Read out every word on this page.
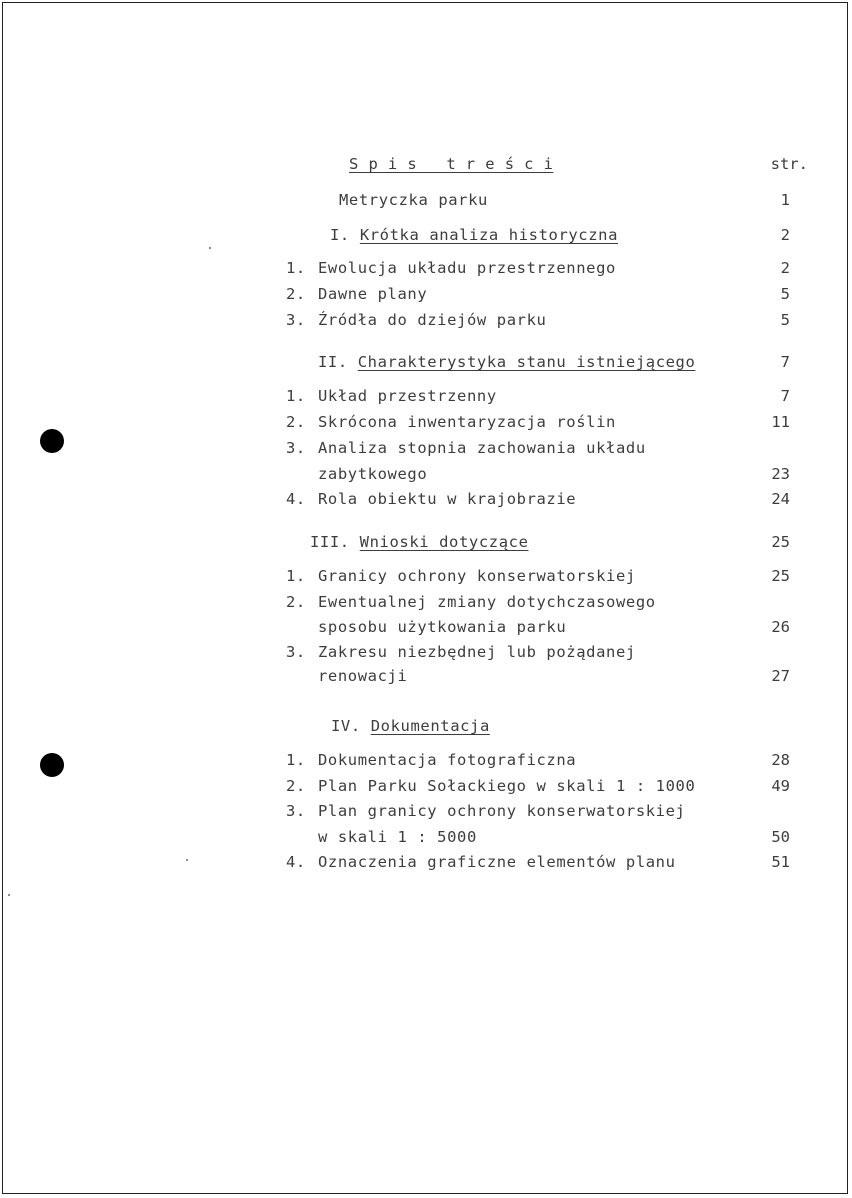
S p i s   t r e ś c i	str.
Metryczka parku	1
I. Krótka analiza historyczna	2
1. Ewolucja układu przestrzennego	2
2. Dawne plany	5
3. Źródła do dziejów parku	5
II. Charakterystyka stanu istniejącego	7
1. Układ przestrzenny	7
2. Skrócona inwentaryzacja roślin	11
3. Analiza stopnia zachowania układu
zabytkowego	23
4. Rola obiektu w krajobrazie	24
III. Wnioski dotyczące	25
1. Granicy ochrony konserwatorskiej	25
2. Ewentualnej zmiany dotychczasowego
sposobu użytkowania parku	26
3. Zakresu niezbędnej lub pożądanej
renowacji	27
IV. Dokumentacja
1. Dokumentacja fotograficzna	28
2. Plan Parku Sołackiego w skali 1 : 1000	49
3. Plan granicy ochrony konserwatorskiej
w skali 1 : 5000	50
4. Oznaczenia graficzne elementów planu	51
